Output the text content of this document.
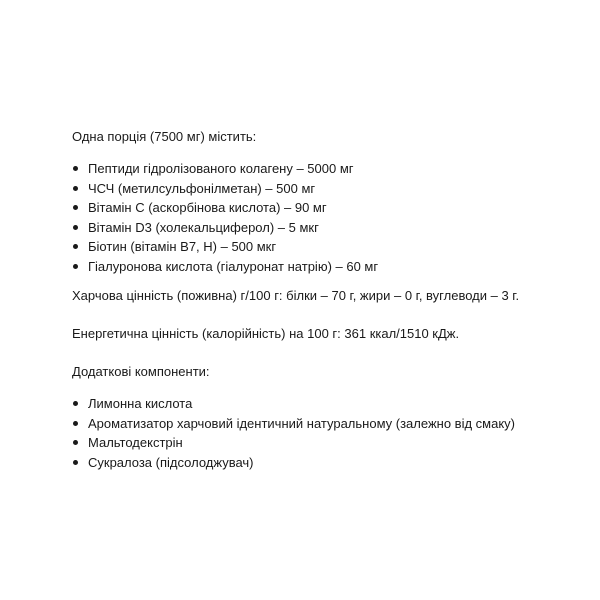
Одна порція (7500 мг) містить:

Пептиди гідролізованого колагену – 5000 мг
ЧСЧ (метилсульфонілметан) – 500 мг
Вітамін С (аскорбінова кислота) – 90 мг
Вітамін D3 (холекальциферол) – 5 мкг
Біотин (вітамін В7, Н) – 500 мкг
Гіалуронова кислота (гіалуронат натрію) – 60 мг

Харчова цінність (поживна) г/100 г: білки – 70 г, жири – 0 г, вуглеводи – 3 г.

Енергетична цінність (калорійність) на 100 г: 361 ккал/1510 кДж.

Додаткові компоненти:

Лимонна кислота
Ароматизатор харчовий ідентичний натуральному (залежно від смаку)
Мальтодекстрін
Сукралоза (підсолоджувач)
